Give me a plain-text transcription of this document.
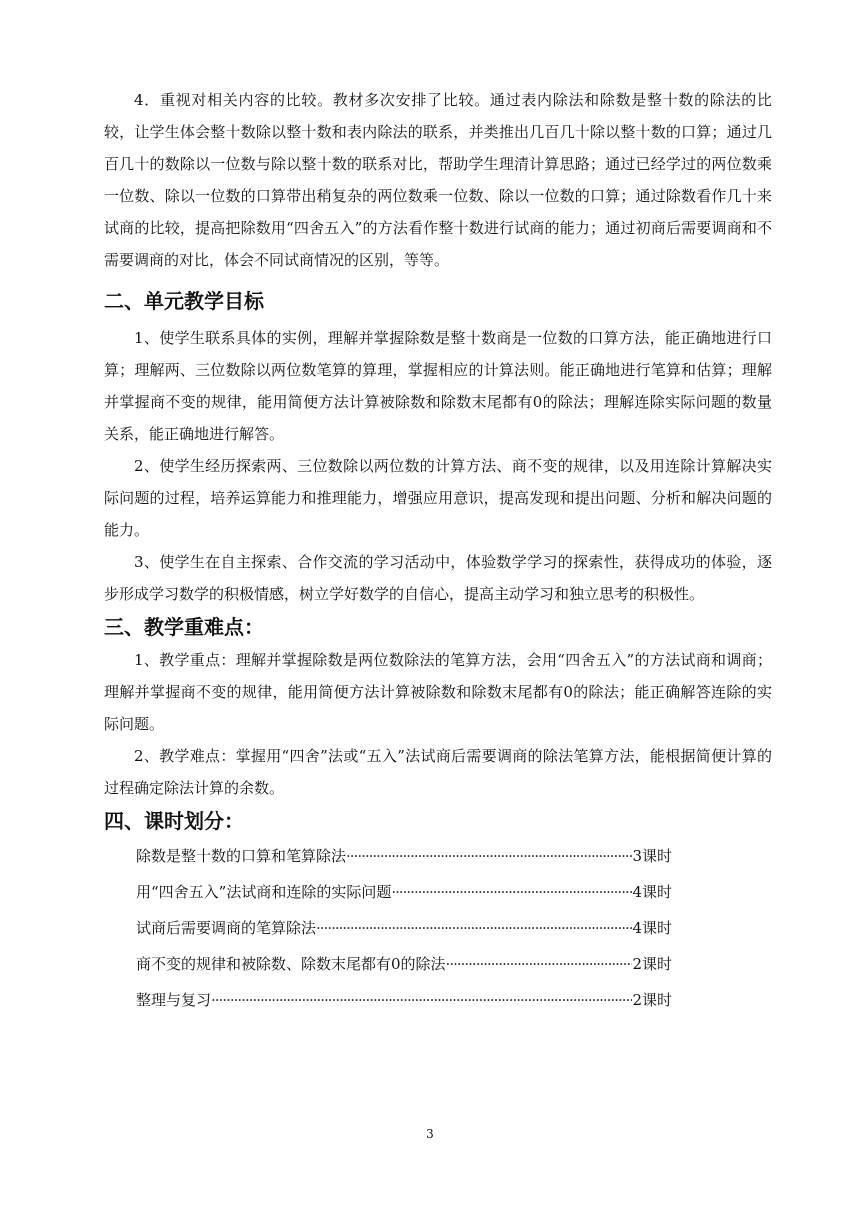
4．重视对相关内容的比较。教材多次安排了比较。通过表内除法和除数是整十数的除法的比较，让学生体会整十数除以整十数和表内除法的联系，并类推出几百几十除以整十数的口算；通过几百几十的数除以一位数与除以整十数的联系对比，帮助学生理清计算思路；通过已经学过的两位数乘一位数、除以一位数的口算带出稍复杂的两位数乘一位数、除以一位数的口算；通过除数看作几十来试商的比较，提高把除数用“四舍五入”的方法看作整十数进行试商的能力；通过初商后需要调商和不需要调商的对比，体会不同试商情况的区别，等等。

二、单元教学目标

1、使学生联系具体的实例，理解并掌握除数是整十数商是一位数的口算方法，能正确地进行口算；理解两、三位数除以两位数笔算的算理，掌握相应的计算法则。能正确地进行笔算和估算；理解并掌握商不变的规律，能用简便方法计算被除数和除数末尾都有0的除法；理解连除实际问题的数量关系，能正确地进行解答。

2、使学生经历探索两、三位数除以两位数的计算方法、商不变的规律，以及用连除计算解决实际问题的过程，培养运算能力和推理能力，增强应用意识，提高发现和提出问题、分析和解决问题的能力。

3、使学生在自主探索、合作交流的学习活动中，体验数学学习的探索性，获得成功的体验，逐步形成学习数学的积极情感，树立学好数学的自信心，提高主动学习和独立思考的积极性。

三、教学重难点：

1、教学重点：理解并掌握除数是两位数除法的笔算方法，会用“四舍五入”的方法试商和调商；理解并掌握商不变的规律，能用简便方法计算被除数和除数末尾都有0的除法；能正确解答连除的实际问题。

2、教学难点：掌握用“四舍”法或“五入”法试商后需要调商的除法笔算方法，能根据简便计算的过程确定除法计算的余数。

四、课时划分：
除数是整十数的口算和笔算除法 ·····	3课时
用“四舍五入”法试商和连除的实际问题 ·····	4课时
试商后需要调商的笔算除法 ·····	4课时
商不变的规律和被除数、除数末尾都有0的除法 ·····	2课时
整理与复习 ·····	2课时
3
